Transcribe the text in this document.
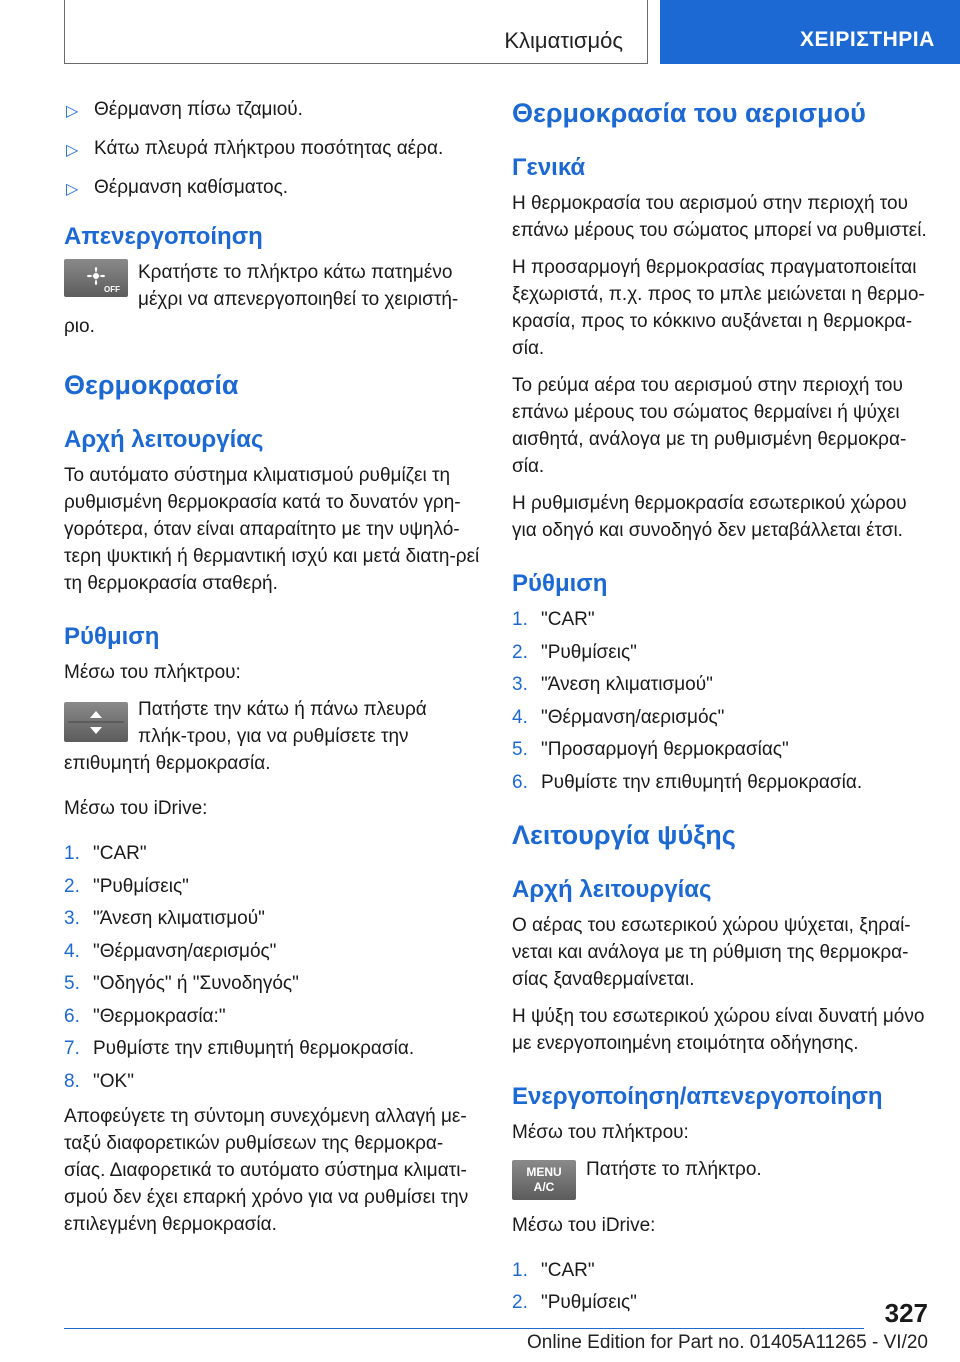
Κλιματισμός	ΧΕΙΡΙΣΤΗΡΙΑ
▷ Θέρμανση πίσω τζαμιού.
▷ Κάτω πλευρά πλήκτρου ποσότητας αέρα.
▷ Θέρμανση καθίσματος.
Απενεργοποίηση
OFF

Κρατήστε το πλήκτρο κάτω πατημένο μέχρι να απενεργοποιηθεί το χειριστή-ριο.

Θερμοκρασία
Αρχή λειτουργίας

Το αυτόματο σύστημα κλιματισμού ρυθμίζει τη ρυθμισμένη θερμοκρασία κατά το δυνατόν γρη-γορότερα, όταν είναι απαραίτητο με την υψηλό-τερη ψυκτική ή θερμαντική ισχύ και μετά διατη-ρεί τη θερμοκρασία σταθερή.

Ρύθμιση

Μέσω του πλήκτρου:

Πατήστε την κάτω ή πάνω πλευρά πλήκ-τρου, για να ρυθμίσετε την επιθυμητή θερμοκρασία.

Μέσω του iDrive:

1. "CAR"
2. "Ρυθμίσεις"
3. "Άνεση κλιματισμού"
4. "Θέρμανση/αερισμός"
5. "Οδηγός" ή "Συνοδηγός"
6. "Θερμοκρασία:"
7. Ρυθμίστε την επιθυμητή θερμοκρασία.
8. "OK"

Αποφεύγετε τη σύντομη συνεχόμενη αλλαγή με-ταξύ διαφορετικών ρυθμίσεων της θερμοκρα-σίας. Διαφορετικά το αυτόματο σύστημα κλιματι-σμού δεν έχει επαρκή χρόνο για να ρυθμίσει την επιλεγμένη θερμοκρασία.

Θερμοκρασία του αερισμού
Γενικά

Η θερμοκρασία του αερισμού στην περιοχή του επάνω μέρους του σώματος μπορεί να ρυθμιστεί.

Η προσαρμογή θερμοκρασίας πραγματοποιείται ξεχωριστά, π.χ. προς το μπλε μειώνεται η θερμο-κρασία, προς το κόκκινο αυξάνεται η θερμοκρα-σία.

Το ρεύμα αέρα του αερισμού στην περιοχή του επάνω μέρους του σώματος θερμαίνει ή ψύχει αισθητά, ανάλογα με τη ρυθμισμένη θερμοκρα-σία.

Η ρυθμισμένη θερμοκρασία εσωτερικού χώρου για οδηγό και συνοδηγό δεν μεταβάλλεται έτσι.

Ρύθμιση
1. "CAR"
2. "Ρυθμίσεις"
3. "Άνεση κλιματισμού"
4. "Θέρμανση/αερισμός"
5. "Προσαρμογή θερμοκρασίας"
6. Ρυθμίστε την επιθυμητή θερμοκρασία.
Λειτουργία ψύξης
Αρχή λειτουργίας

Ο αέρας του εσωτερικού χώρου ψύχεται, ξηραί-νεται και ανάλογα με τη ρύθμιση της θερμοκρα-σίας ξαναθερμαίνεται.

Η ψύξη του εσωτερικού χώρου είναι δυνατή μόνο με ενεργοποιημένη ετοιμότητα οδήγησης.

Ενεργοποίηση/απενεργοποίηση

Μέσω του πλήκτρου:

MENU
A/C

Πατήστε το πλήκτρο.

Μέσω του iDrive:

1. "CAR"
2. "Ρυθμίσεις"	327
Online Edition for Part no. 01405A11265 - VI/20
